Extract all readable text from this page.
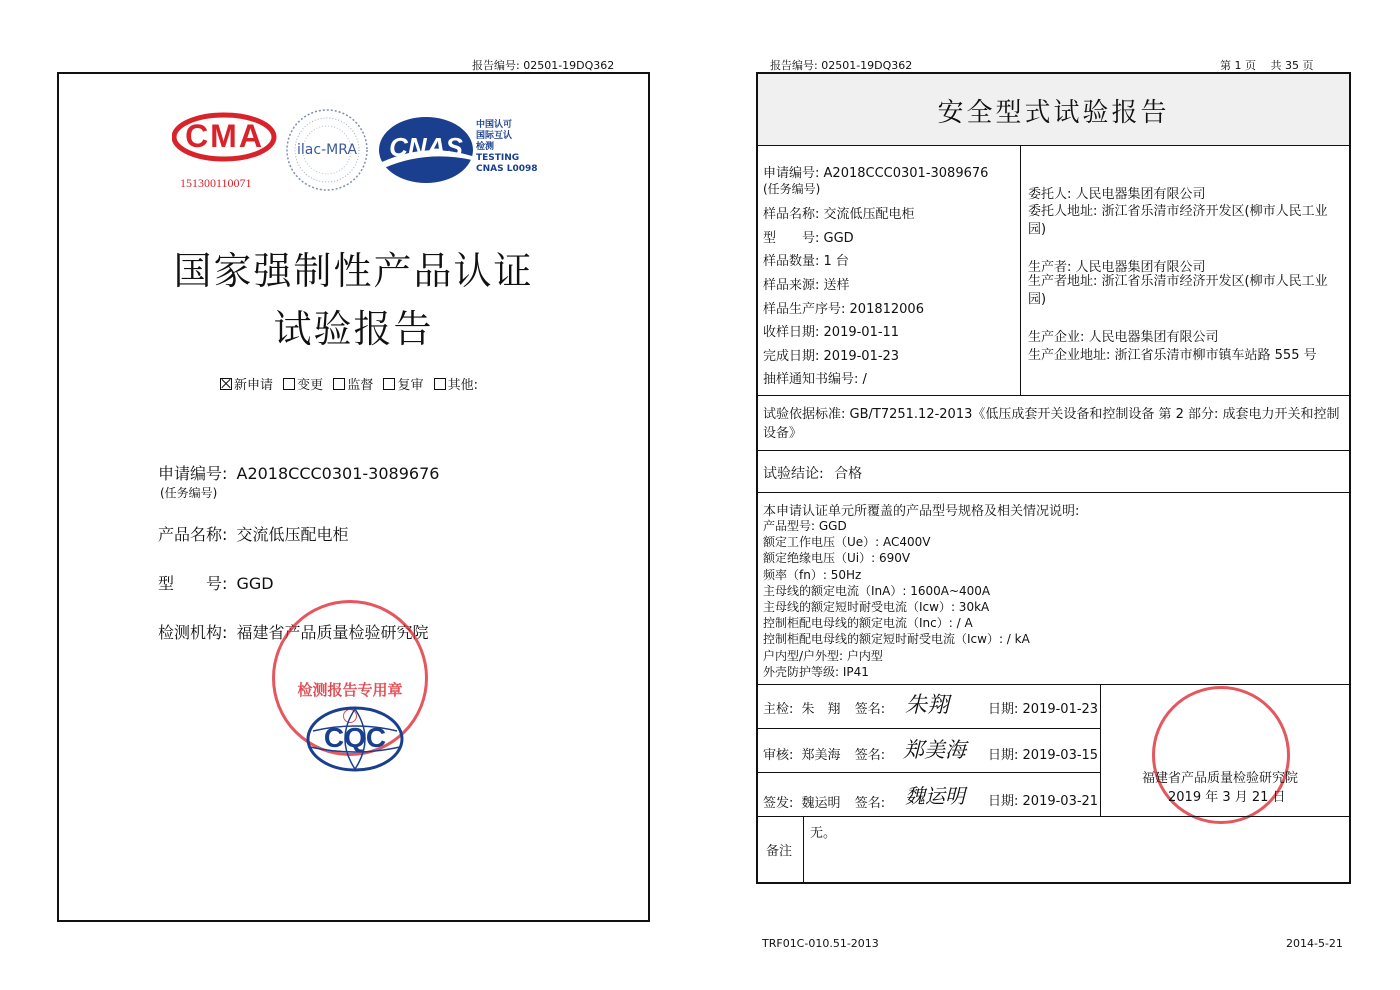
报告编号: 02501-19DQ362
CMA
151300110071
ilac-MRA	CNAS
中国认可
国际互认
检测
TESTING
CNAS L0098
国家强制性产品认证
试验报告
新申请 变更 监督 复审 其他:
申请编号: A2018CCC0301-3089676
(任务编号)
产品名称: 交流低压配电柜
型　　号: GGD
检测机构: 福建省产品质量检验研究院
检测报告专用章
CQC
报告编号: 02501-19DQ362	第 1 页　 共 35 页
安全型式试验报告
申请编号: A2018CCC0301-3089676
(任务编号)
样品名称: 交流低压配电柜
型　　号: GGD
样品数量: 1 台
样品来源: 送样
样品生产序号: 201812006
收样日期: 2019-01-11
完成日期: 2019-01-23
抽样通知书编号: /
委托人: 人民电器集团有限公司
委托人地址: 浙江省乐清市经济开发区(柳市人民工业园)
生产者: 人民电器集团有限公司
生产者地址: 浙江省乐清市经济开发区(柳市人民工业园)
生产企业: 人民电器集团有限公司
生产企业地址: 浙江省乐清市柳市镇车站路 555 号
试验依据标准: GB/T7251.12-2013《低压成套开关设备和控制设备 第 2 部分: 成套电力开关和控制设备》
试验结论: 合格
本申请认证单元所覆盖的产品型号规格及相关情况说明:
产品型号: GGD
额定工作电压（Ue）: AC400V
额定绝缘电压（Ui）: 690V
频率（fn）: 50Hz
主母线的额定电流（InA）: 1600A~400A
主母线的额定短时耐受电流（Icw）: 30kA
控制柜配电母线的额定电流（Inc）: / A
控制柜配电母线的额定短时耐受电流（Icw）: / kA
户内型/户外型: 户内型
外壳防护等级: IP41
主检: 朱　翔 签名: 朱翔	日期: 2019-01-23
审核: 郑美海 签名: 郑美海 日期: 2019-03-15
签发: 魏运明 签名: 魏运明 日期: 2019-03-21
福建省产品质量检验研究院
2019 年 3 月 21 日
备注
无。
TRF01C-010.51-2013	2014-5-21
